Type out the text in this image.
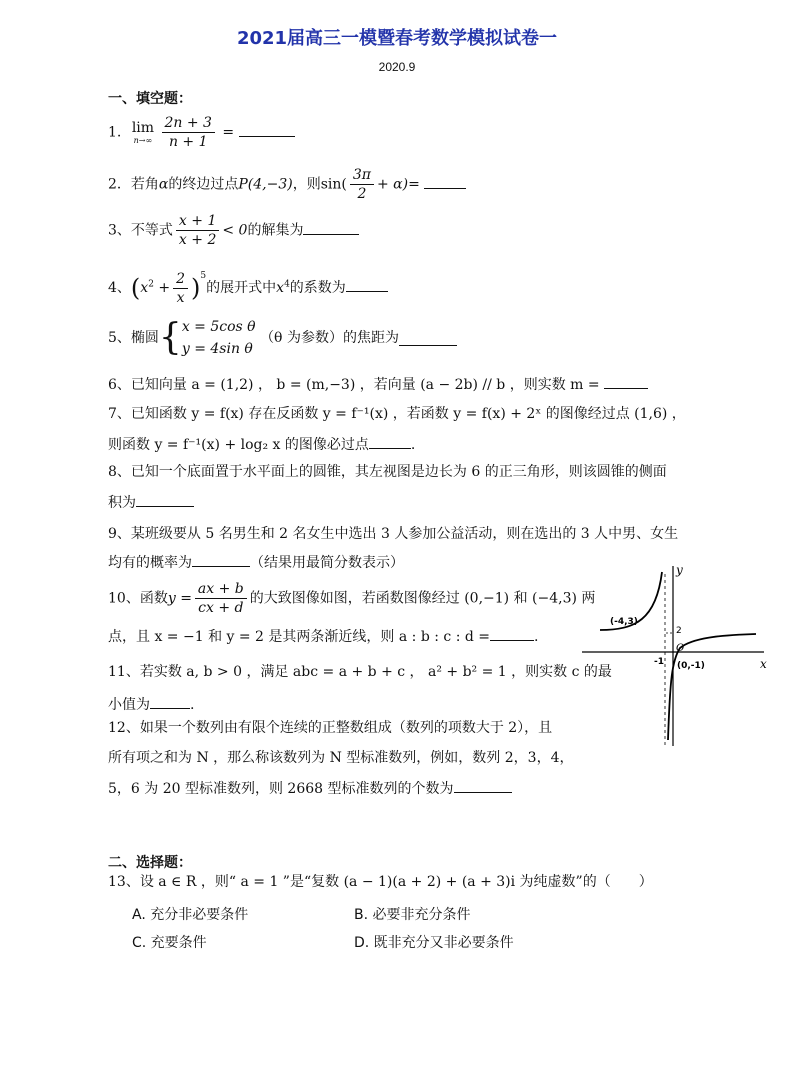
2021届高三一模暨春考数学模拟试卷一
2020.9
一、填空题：
1. lim
n→∞
$\frac{2n + 3}{n + 1}$ =
2．若角α的终边过点P(4,−3)，则$\sin( \frac{3\pi}{2} + \alpha)=$
3、不等式 $\frac{x + 1}{x + 2} < 0$的解集为
4、$(x^2 + \frac{2}{x} )^5$的展开式中$x^4$的系数为
5、椭圆{ x = 5cos θ
y = 4sin θ
（θ 为参数）的焦距为
6、已知向量 a = (1,2) ， b = (m,−3) ，若向量 (a − 2b) // b ，则实数 m =
7、已知函数 y = f(x) 存在反函数 y = f⁻¹(x) ，若函数 y = f(x) + 2ˣ 的图像经过点 (1,6) ，
则函数 y = f⁻¹(x) + log₂ x 的图像必过点	.
8、已知一个底面置于水平面上的圆锥，其左视图是边长为 6 的正三角形，则该圆锥的侧面
积为
9、某班级要从 5 名男生和 2 名女生中选出 3 人参加公益活动，则在选出的 3 人中男、女生
均有的概率为	（结果用最简分数表示）
10、函数$y = \frac{ax + b}{cx + d}$ 的大致图像如图，若函数图像经过 (0,−1) 和 (−4,3) 两
点，且 x = −1 和 y = 2 是其两条渐近线，则 a : b : c : d =	.
11、若实数 a, b > 0 ，满足 abc = a + b + c ， a² + b² = 1 ，则实数 c 的最
小值为	.
12、如果一个数列由有限个连续的正整数组成（数列的项数大于 2），且
所有项之和为 N ，那么称该数列为 N 型标准数列，例如，数列 2，3，4，
5，6 为 20 型标准数列，则 2668 型标准数列的个数为
y
x
(-4,3)
2
O
-1 (0,-1)
二、选择题：
13、设 a ∈ R ，则“ a = 1 ”是“复数 (a − 1)(a + 2) + (a + 3)i 为纯虚数”的（　　）
A. 充分非必要条件	B. 必要非充分条件
C. 充要条件	D. 既非充分又非必要条件
